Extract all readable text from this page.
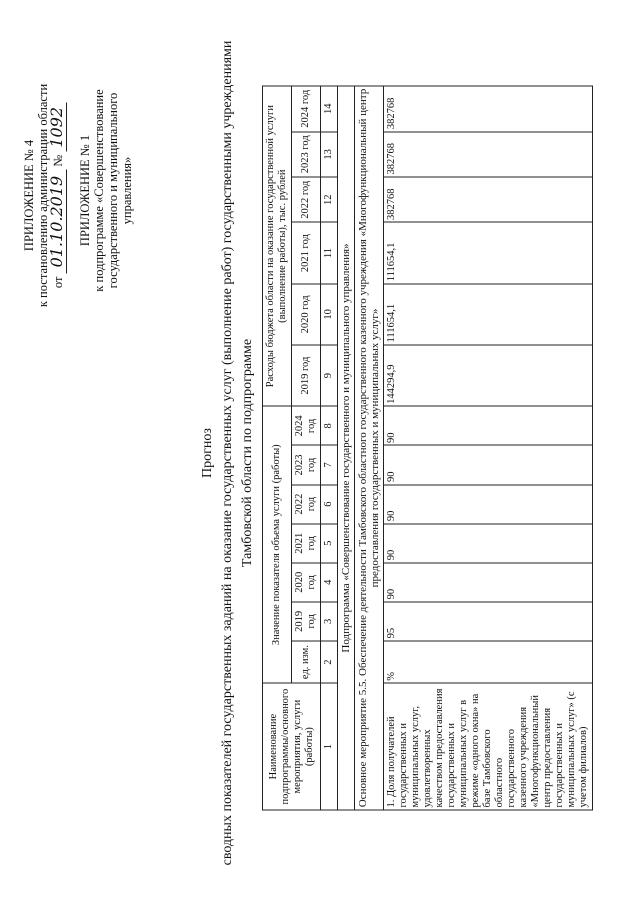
ПРИЛОЖЕНИЕ № 4 к постановлению администрации области от 01.10.2019 № 1092
ПРИЛОЖЕНИЕ № 1 к подпрограмме «Совершенствование государственного и муниципального управления»
Прогноз сводных показателей государственных заданий на оказание государственных услуг (выполнение работ) государственными учреждениями Тамбовской области по подпрограмме
Наименование подпрограммы/основного мероприятия, услуги (работы)	Значение показателя объема услуги (работы)							Расходы бюджета области на оказание государственной услуги (выполнение работы), тыс. рублей					
	ед. изм.	2019 год	2020 год	2021 год	2022 год	2023 год	2024 год	2019 год	2020 год	2021 год	2022 год	2023 год	2024 год
1	2	3	4	5	6	7	8	9	10	11	12	13	14
Подпрограмма «Совершенствование государственного и муниципального управления»													
Основное мероприятие 5.5. Обеспечение деятельности Тамбовского областного государственного казенного учреждения «Многофункциональный центр предоставления государственных и муниципальных услуг»													
1. Доля получателей государственных и муниципальных услуг, удовлетворенных качеством предоставления государственных и муниципальных услуг в режиме «одного окна» на базе Тамбовского областного государственного казенного учреждения «Многофункциональный центр предоставления государственных и муниципальных услуг» (с учетом филиалов)	%	95	90	90	90	90	90	144294,9	111654,1	111654,1	382768	382768	382768
